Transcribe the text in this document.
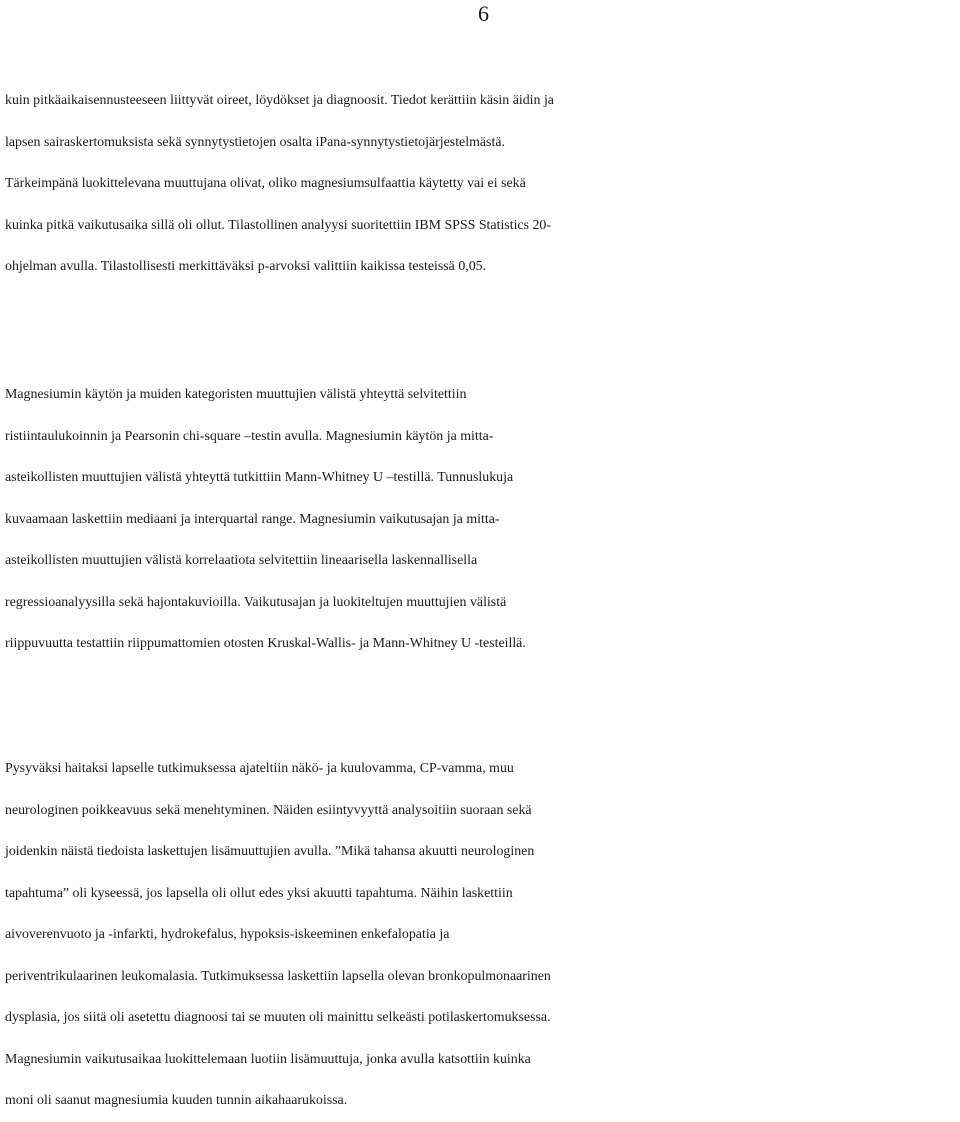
6
kuin pitkäaikaisennusteeseen liittyvät oireet, löydökset ja diagnoosit. Tiedot kerättiin käsin äidin ja
lapsen sairaskertomuksista sekä synnytystietojen osalta iPana-synnytystietojärjestelmästä.
Tärkeimpänä luokittelevana muuttujana olivat, oliko magnesiumsulfaattia käytetty vai ei sekä
kuinka pitkä vaikutusaika sillä oli ollut. Tilastollinen analyysi suoritettiin IBM SPSS Statistics 20-
ohjelman avulla. Tilastollisesti merkittäväksi p-arvoksi valittiin kaikissa testeissä 0,05.
Magnesiumin käytön ja muiden kategoristen muuttujien välistä yhteyttä selvitettiin
ristiintaulukoinnin ja Pearsonin chi-square –testin avulla. Magnesiumin käytön ja mitta-
asteikollisten muuttujien välistä yhteyttä tutkittiin Mann-Whitney U –testillä. Tunnuslukuja
kuvaamaan laskettiin mediaani ja interquartal range. Magnesiumin vaikutusajan ja mitta-
asteikollisten muuttujien välistä korrelaatiota selvitettiin lineaarisella laskennallisella
regressioanalyysilla sekä hajontakuvioilla. Vaikutusajan ja luokiteltujen muuttujien välistä
riippuvuutta testattiin riippumattomien otosten Kruskal-Wallis- ja Mann-Whitney U -testeillä.
Pysyväksi haitaksi lapselle tutkimuksessa ajateltiin näkö- ja kuulovamma, CP-vamma, muu
neurologinen poikkeavuus sekä menehtyminen. Näiden esiintyvyyttä analysoitiin suoraan sekä
joidenkin näistä tiedoista laskettujen lisämuuttujien avulla. ”Mikä tahansa akuutti neurologinen
tapahtuma” oli kyseessä, jos lapsella oli ollut edes yksi akuutti tapahtuma. Näihin laskettiin
aivoverenvuoto ja -infarkti, hydrokefalus, hypoksis-iskeeminen enkefalopatia ja
periventrikulaarinen leukomalasia. Tutkimuksessa laskettiin lapsella olevan bronkopulmonaarinen
dysplasia, jos siitä oli asetettu diagnoosi tai se muuten oli mainittu selkeästi potilaskertomuksessa.
Magnesiumin vaikutusaikaa luokittelemaan luotiin lisämuuttuja, jonka avulla katsottiin kuinka
moni oli saanut magnesiumia kuuden tunnin aikahaarukoissa.
